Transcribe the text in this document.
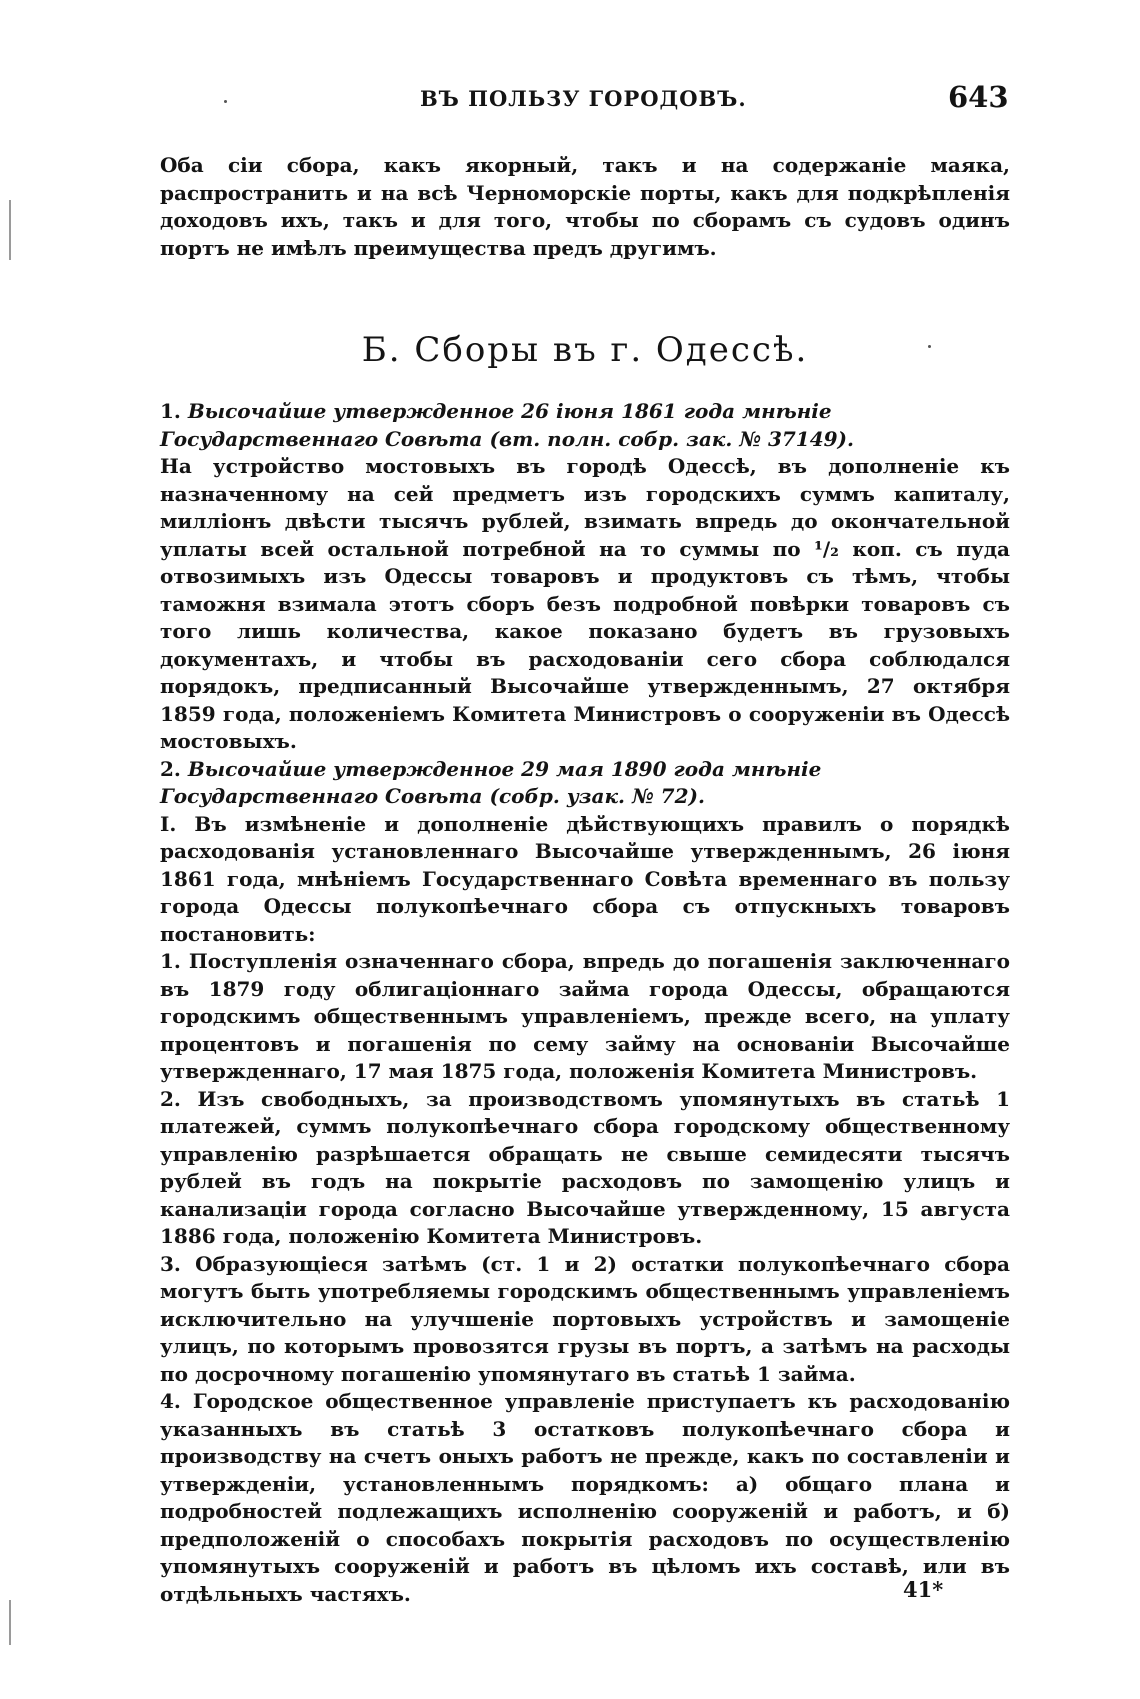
ВЪ ПОЛЬЗУ ГОРОДОВЪ.	643

Оба сіи сбора, какъ якорный, такъ и на содержаніе маяка, распространить и на всѣ Черноморскіе порты, какъ для подкрѣпленія доходовъ ихъ, такъ и для того, чтобы по сборамъ съ судовъ одинъ портъ не имѣлъ преимущества предъ другимъ.

Б. Сборы въ г. Одессѣ.

1. Высочайше утвержденное 26 іюня 1861 года мнѣніе Государственнаго Совѣта (вт. полн. собр. зак. № 37149).

На устройство мостовыхъ въ городѣ Одессѣ, въ дополненіе къ назначенному на сей предметъ изъ городскихъ суммъ капиталу, милліонъ двѣсти тысячъ рублей, взимать впредь до окончательной уплаты всей остальной потребной на то суммы по ¹/₂ коп. съ пуда отвозимыхъ изъ Одессы товаровъ и продуктовъ съ тѣмъ, чтобы таможня взимала этотъ сборъ безъ подробной повѣрки товаровъ съ того лишь количества, какое показано будетъ въ грузовыхъ документахъ, и чтобы въ расходованіи сего сбора соблюдался порядокъ, предписанный Высочайше утвержденнымъ, 27 октября 1859 года, положеніемъ Комитета Министровъ о сооруженіи въ Одессѣ мостовыхъ.

2. Высочайше утвержденное 29 мая 1890 года мнѣніе Государственнаго Совѣта (собр. узак. № 72).

I. Въ измѣненіе и дополненіе дѣйствующихъ правилъ о порядкѣ расходованія установленнаго Высочайше утвержденнымъ, 26 іюня 1861 года, мнѣніемъ Государственнаго Совѣта временнаго въ пользу города Одессы полукопѣечнаго сбора съ отпускныхъ товаровъ постановить:

1. Поступленія означеннаго сбора, впредь до погашенія заключеннаго въ 1879 году облигаціоннаго займа города Одессы, обращаются городскимъ общественнымъ управленіемъ, прежде всего, на уплату процентовъ и погашенія по сему займу на основаніи Высочайше утвержденнаго, 17 мая 1875 года, положенія Комитета Министровъ.

2. Изъ свободныхъ, за производствомъ упомянутыхъ въ статьѣ 1 платежей, суммъ полукопѣечнаго сбора городскому общественному управленію разрѣшается обращать не свыше семидесяти тысячъ рублей въ годъ на покрытіе расходовъ по замощенію улицъ и канализаціи города согласно Высочайше утвержденному, 15 августа 1886 года, положенію Комитета Министровъ.

3. Образующіеся затѣмъ (ст. 1 и 2) остатки полукопѣечнаго сбора могутъ быть употребляемы городскимъ общественнымъ управленіемъ исключительно на улучшеніе портовыхъ устройствъ и замощеніе улицъ, по которымъ провозятся грузы въ портъ, а затѣмъ на расходы по досрочному погашенію упомянутаго въ статьѣ 1 займа.

4. Городское общественное управленіе приступаетъ къ расходованію указанныхъ въ статьѣ 3 остатковъ полукопѣечнаго сбора и производству на счетъ оныхъ работъ не прежде, какъ по составленіи и утвержденіи, установленнымъ порядкомъ: а) общаго плана и подробностей подлежащихъ исполненію сооруженій и работъ, и б) предположеній о способахъ покрытія расходовъ по осуществленію упомянутыхъ сооруженій и работъ въ цѣломъ ихъ составѣ, или въ отдѣльныхъ частяхъ.	41*
